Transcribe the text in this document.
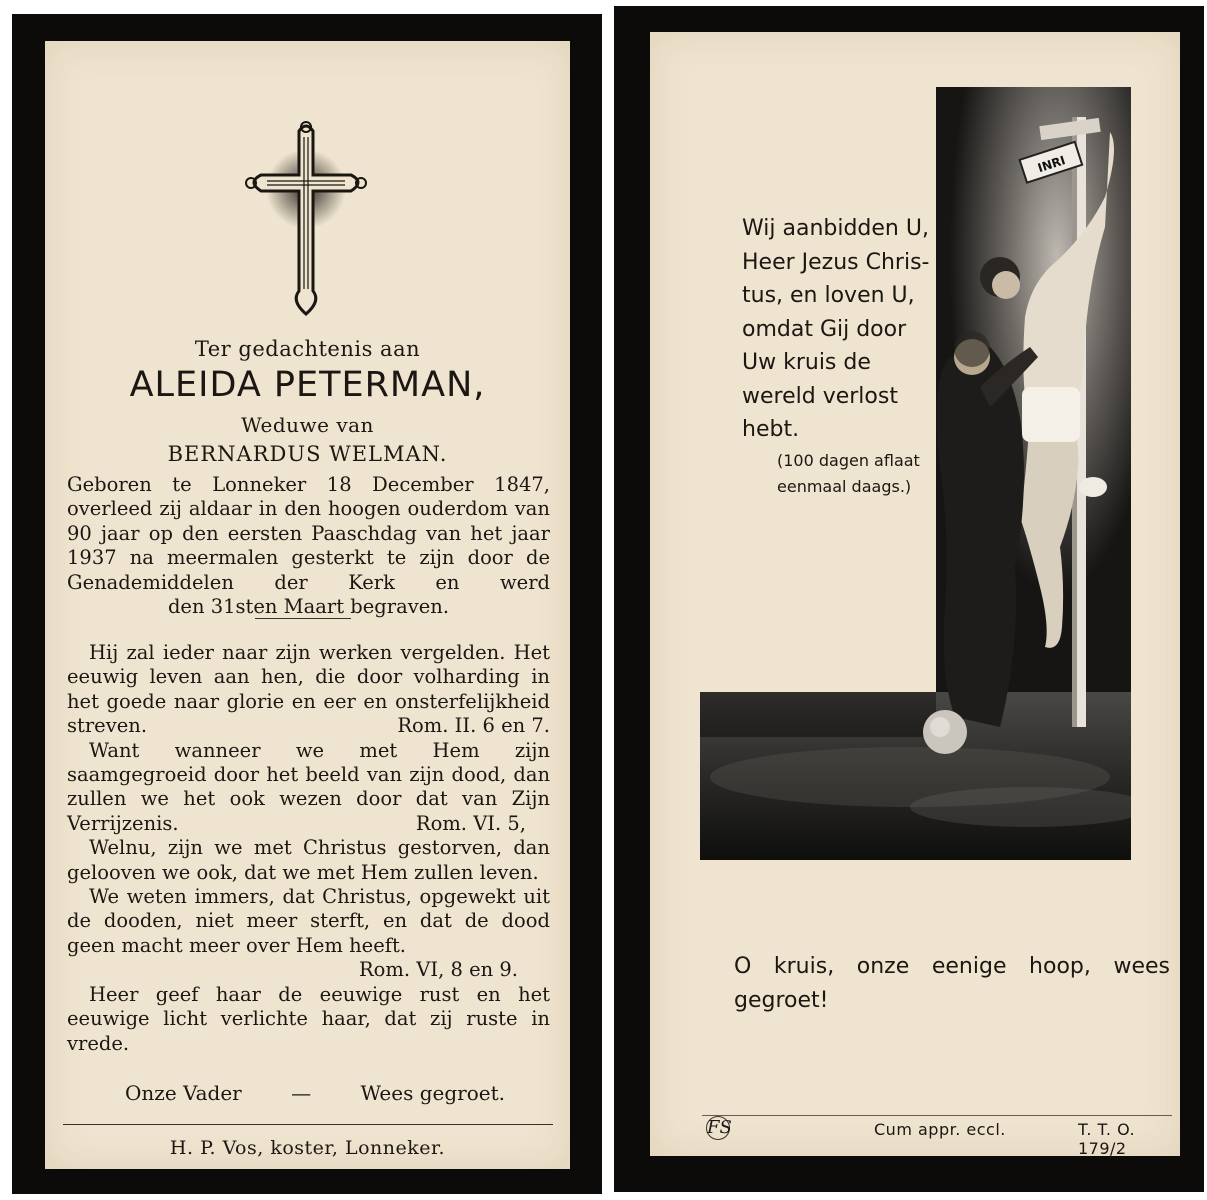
Ter gedachtenis aan
ALEIDA PETERMAN,
Weduwe van
BERNARDUS WELMAN.

Geboren te Lonneker 18 December 1847, overleed zij aldaar in den hoogen ouderdom van 90 jaar op den eersten Paaschdag van het jaar 1937 na meermalen gesterkt te zijn door de Genademiddelen der Kerk en werd

den 31sten Maart begraven.

Hij zal ieder naar zijn werken vergelden. Het eeuwig leven aan hen, die door volharding in het goede naar glorie en eer en onsterfelijkheid streven.	Rom. II. 6 en 7.

Want wanneer we met Hem zijn saamgegroeid door het beeld van zijn dood, dan zullen we het ook wezen door dat van Zijn Verrijzenis.	Rom. VI. 5,

Welnu, zijn we met Christus gestorven, dan gelooven we ook, dat we met Hem zullen leven.

We weten immers, dat Christus, opgewekt uit de dooden, niet meer sterft, en dat de dood geen macht meer over Hem heeft.

Rom. VI, 8 en 9.

Heer geef haar de eeuwige rust en het eeuwige licht verlichte haar, dat zij ruste in vrede.

Onze Vader — Wees gegroet.
H. P. Vos, koster, Lonneker.
INRI
Wij aanbidden U,
Heer Jezus Chris-
tus, en loven U,
omdat Gij door
Uw kruis de
wereld verlost
hebt.
(100 dagen aflaat
eenmaal daags.)
O kruis, onze eenige hoop, wees gegroet!
FS	Cum appr. eccl.	T. T. O. 179/2
